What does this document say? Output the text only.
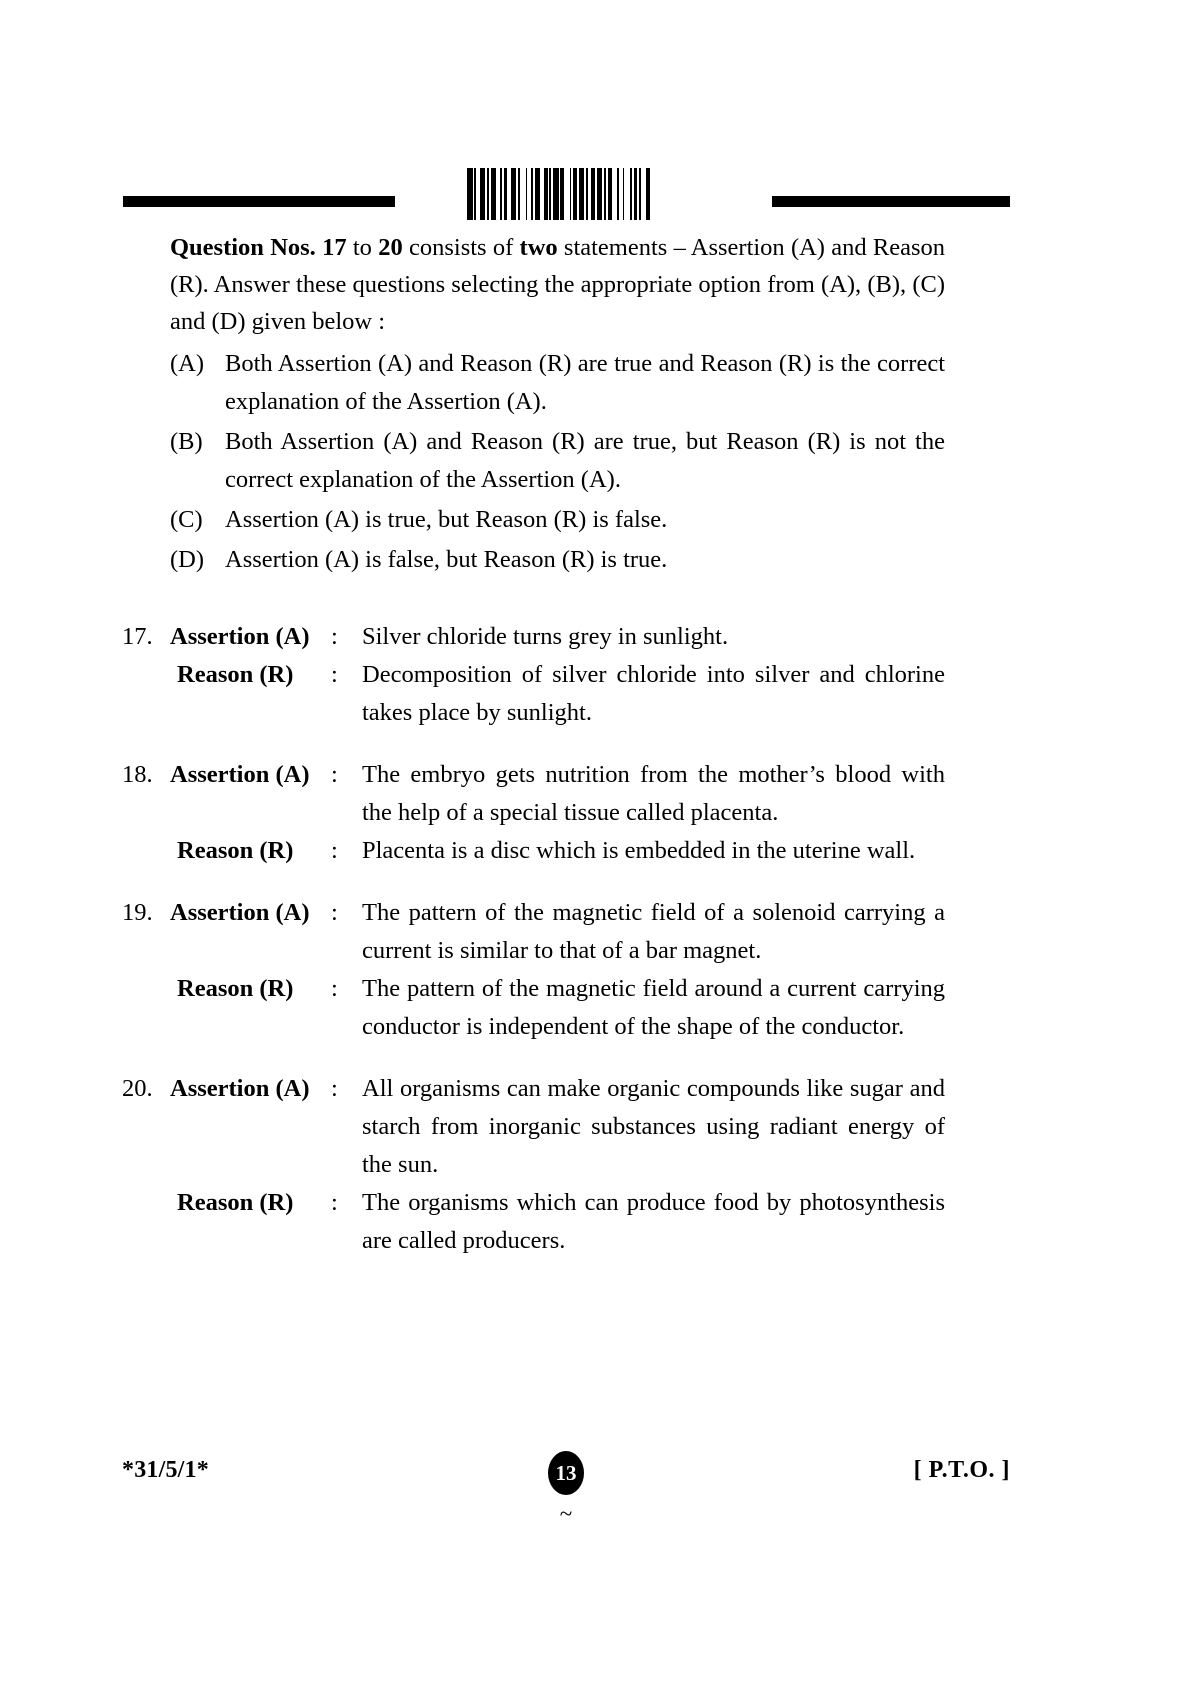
Question Nos. 17 to 20 consists of two statements – Assertion (A) and Reason (R). Answer these questions selecting the appropriate option from (A), (B), (C) and (D) given below :
(A) Both Assertion (A) and Reason (R) are true and Reason (R) is the correct explanation of the Assertion (A).
(B) Both Assertion (A) and Reason (R) are true, but Reason (R) is not the correct explanation of the Assertion (A).
(C) Assertion (A) is true, but Reason (R) is false.
(D) Assertion (A) is false, but Reason (R) is true.
17. Assertion (A) : Silver chloride turns grey in sunlight.
Reason (R)	: Decomposition of silver chloride into silver and chlorine takes place by sunlight.
18. Assertion (A) : The embryo gets nutrition from the mother’s blood with the help of a special tissue called placenta.
Reason (R)	: Placenta is a disc which is embedded in the uterine wall.
19. Assertion (A) : The pattern of the magnetic field of a solenoid carrying a current is similar to that of a bar magnet.
Reason (R)	: The pattern of the magnetic field around a current carrying conductor is independent of the shape of the conductor.
20. Assertion (A) : All organisms can make organic compounds like sugar and starch from inorganic substances using radiant energy of the sun.
Reason (R)	: The organisms which can produce food by photosynthesis are called producers.
*31/5/1*	13
~
[ P.T.O. ]
